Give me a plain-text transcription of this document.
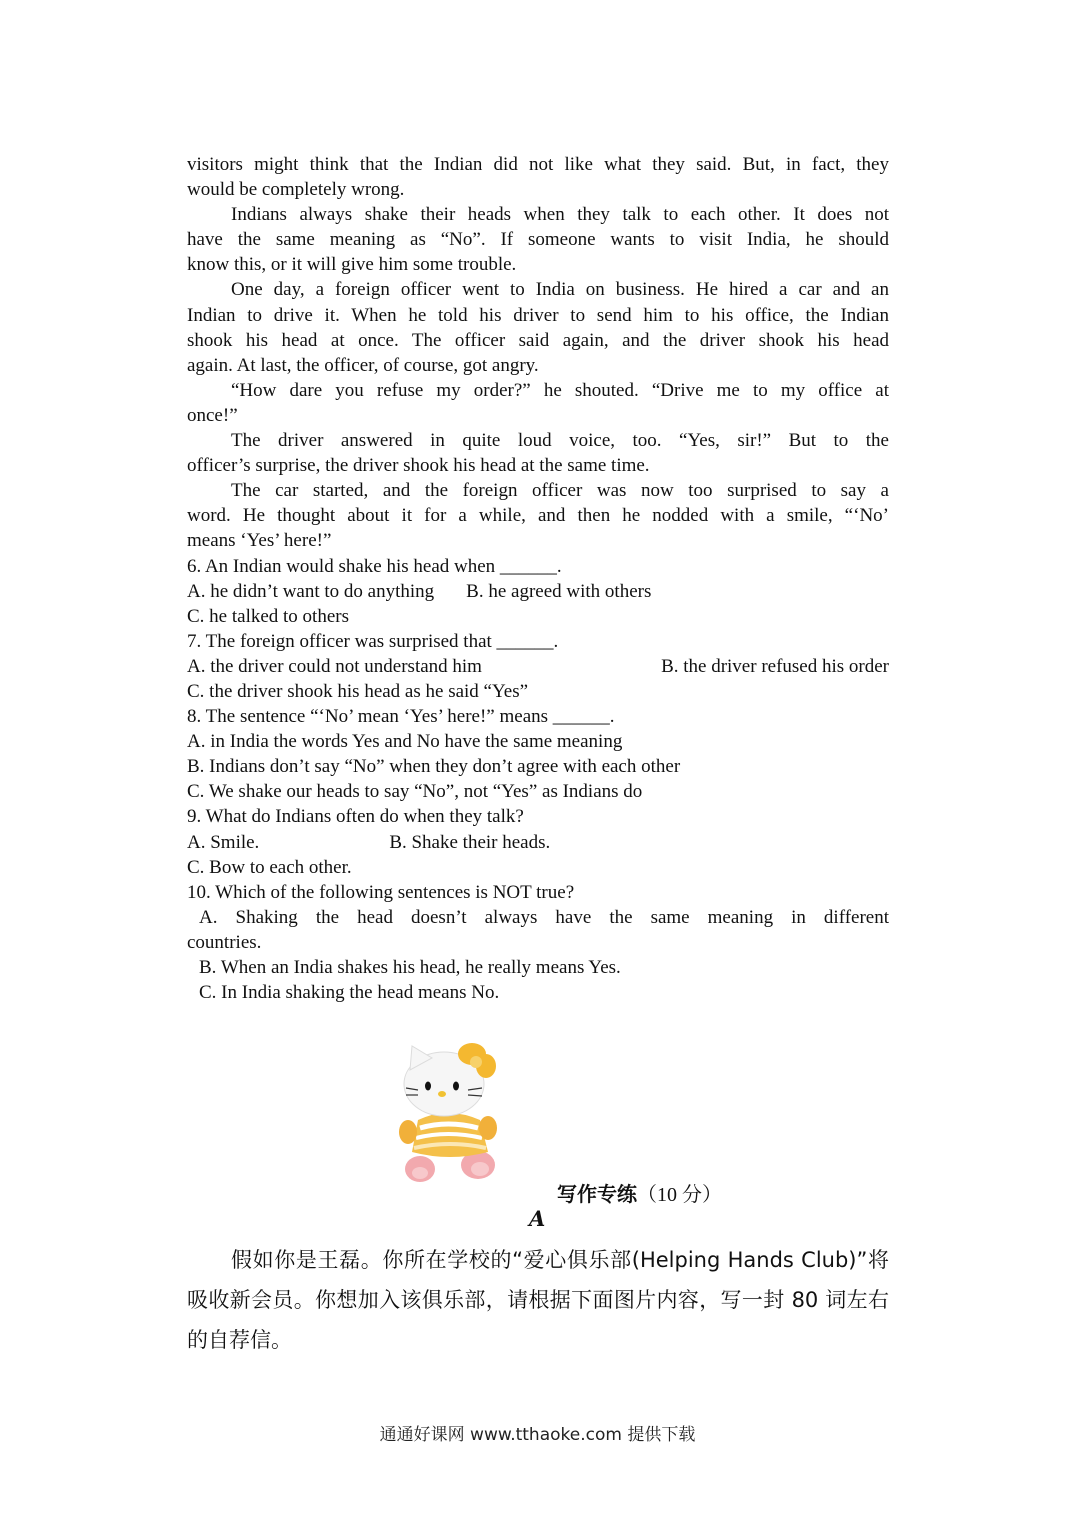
visitors might think that the Indian did not like what they said. But, in fact, they
would be completely wrong.
Indians always shake their heads when they talk to each other. It does not
have the same meaning as “No”. If someone wants to visit India, he should
know this, or it will give him some trouble.
One day, a foreign officer went to India on business. He hired a car and an
Indian to drive it. When he told his driver to send him to his office, the Indian
shook his head at once. The officer said again, and the driver shook his head
again. At last, the officer, of course, got angry.
“How dare you refuse my order?” he shouted. “Drive me to my office at
once!”
The driver answered in quite loud voice, too. “Yes, sir!” But to the
officer’s surprise, the driver shook his head at the same time.
The car started, and the foreign officer was now too surprised to say a
word. He thought about it for a while, and then he nodded with a smile, “‘No’
means ‘Yes’ here!”
6. An Indian would shake his head when ______.
A. he didn’t want to do anything B. he agreed with others
C. he talked to others
7. The foreign officer was surprised that ______.
A. the driver could not understand him	B. the driver refused his order
C. the driver shook his head as he said “Yes”
8. The sentence “‘No’ mean ‘Yes’ here!” means ______.
A. in India the words Yes and No have the same meaning
B. Indians don’t say “No” when they don’t agree with each other
C. We shake our heads to say “No”, not “Yes” as Indians do
9. What do Indians often do when they talk?
A. Smile.	B. Shake their heads.
C. Bow to each other.
10. Which of the following sentences is NOT true?
A. Shaking the head doesn’t always have the same meaning in different
countries.
B. When an India shakes his head, he really means Yes.
C. In India shaking the head means No.
写作专练（10 分）
A
假如你是王磊。你所在学校的“爱心俱乐部(Helping Hands Club)”将
吸收新会员。你想加入该俱乐部，请根据下面图片内容，写一封 80 词左右
的自荐信。
通通好课网 www.tthaoke.com 提供下载
